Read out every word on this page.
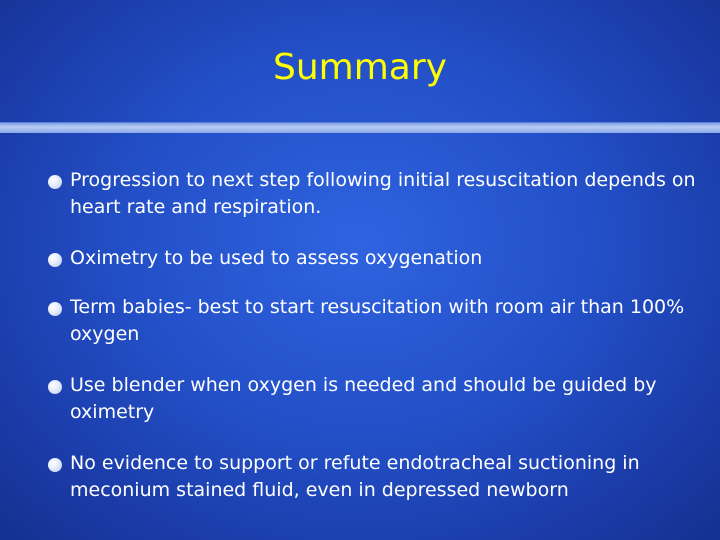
Summary
Progression to next step following initial resuscitation depends on heart rate and respiration.
Oximetry to be used to assess oxygenation
Term babies- best to start resuscitation with room air than 100% oxygen
Use blender when oxygen is needed and should be guided by oximetry
No evidence to support or refute endotracheal suctioning in meconium stained fluid, even in depressed newborn
